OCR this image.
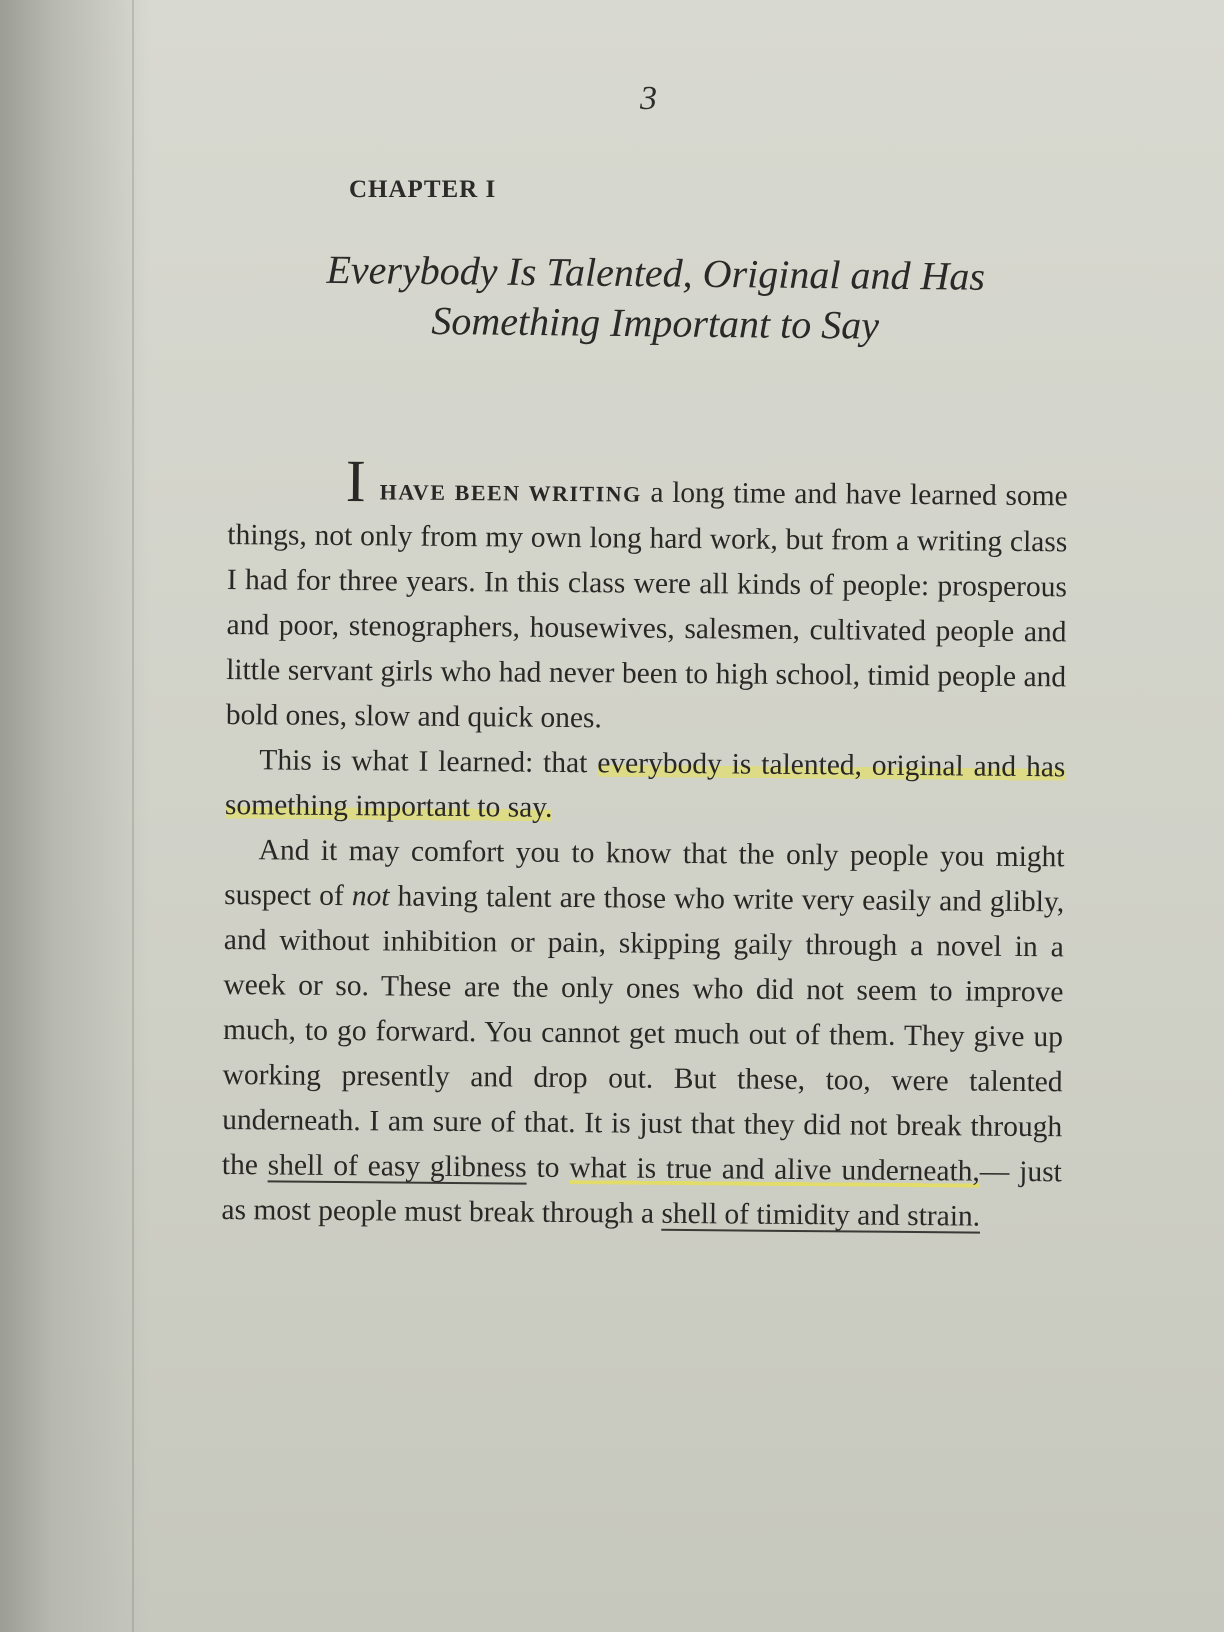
3
CHAPTER I
Everybody Is Talented, Original and Has
Something Important to Say

IHAVE BEEN WRITING a long time and have learned some things, not only from my own long hard work, but from a writing class I had for three years. In this class were all kinds of people: prosperous and poor, stenographers, housewives, salesmen, cultivated people and little servant girls who had never been to high school, timid people and bold ones, slow and quick ones.

This is what I learned: that everybody is talented, original and has something important to say.

And it may comfort you to know that the only people you might suspect of not having talent are those who write very easily and glibly, and without inhibition or pain, skipping gaily through a novel in a week or so. These are the only ones who did not seem to improve much, to go forward. You cannot get much out of them. They give up working presently and drop out. But these, too, were talented underneath. I am sure of that. It is just that they did not break through the shell of easy glibness to what is true and alive underneath,— just as most people must break through a shell of timidity and strain.
